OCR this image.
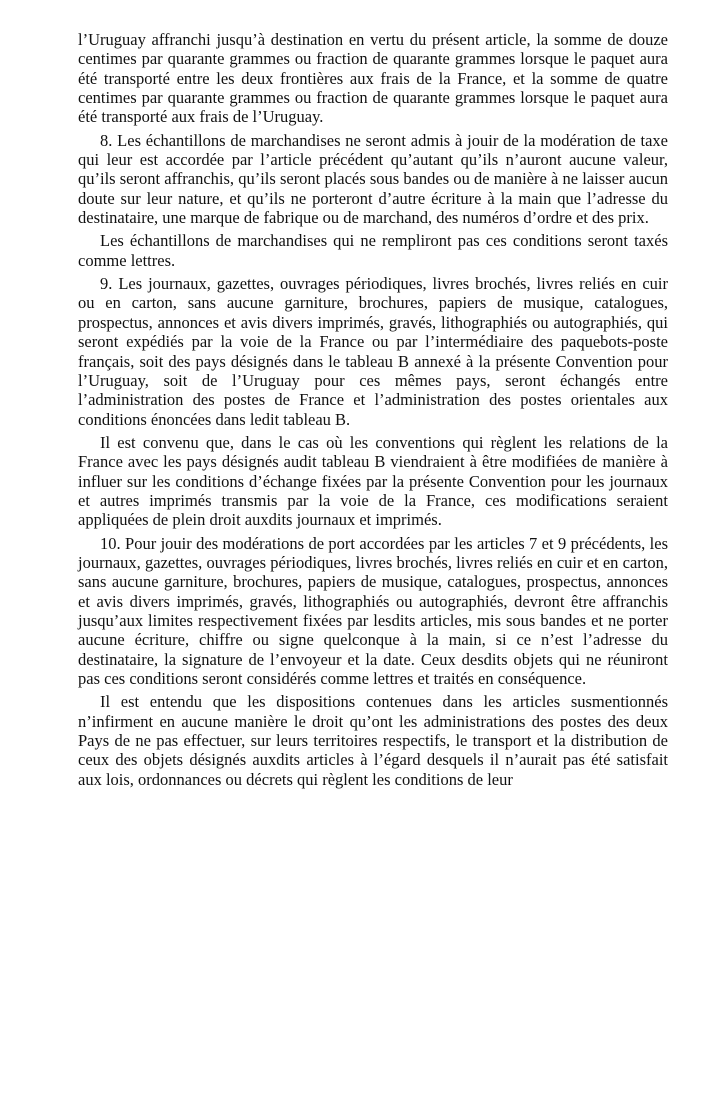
l’Uruguay affranchi jusqu’à destination en vertu du présent article, la somme de douze centimes par quarante grammes ou fraction de quarante grammes lorsque le paquet aura été transporté entre les deux frontières aux frais de la France, et la somme de quatre centimes par quarante grammes ou fraction de quarante grammes lorsque le paquet aura été transporté aux frais de l’Uruguay.

8. Les échantillons de marchandises ne seront admis à jouir de la modération de taxe qui leur est accordée par l’article précédent qu’autant qu’ils n’auront aucune valeur, qu’ils seront affranchis, qu’ils seront placés sous bandes ou de manière à ne laisser aucun doute sur leur nature, et qu’ils ne porteront d’autre écriture à la main que l’adresse du destinataire, une marque de fabrique ou de marchand, des numéros d’ordre et des prix.

Les échantillons de marchandises qui ne rempliront pas ces conditions seront taxés comme lettres.

9. Les journaux, gazettes, ouvrages périodiques, livres brochés, livres reliés en cuir ou en carton, sans aucune garniture, brochures, papiers de musique, catalogues, prospectus, annonces et avis divers imprimés, gravés, lithographiés ou autographiés, qui seront expédiés par la voie de la France ou par l’intermédiaire des paquebots-poste français, soit des pays désignés dans le tableau B annexé à la présente Convention pour l’Uruguay, soit de l’Uruguay pour ces mêmes pays, seront échangés entre l’administration des postes de France et l’administration des postes orientales aux conditions énoncées dans ledit tableau B.

Il est convenu que, dans le cas où les conventions qui règlent les relations de la France avec les pays désignés audit tableau B viendraient à être modifiées de manière à influer sur les conditions d’échange fixées par la présente Convention pour les journaux et autres imprimés transmis par la voie de la France, ces modifications seraient appliquées de plein droit auxdits journaux et imprimés.

10. Pour jouir des modérations de port accordées par les articles 7 et 9 précédents, les journaux, gazettes, ouvrages périodiques, livres brochés, livres reliés en cuir et en carton, sans aucune garniture, brochures, papiers de musique, catalogues, prospectus, annonces et avis divers imprimés, gravés, lithographiés ou autographiés, devront être affranchis jusqu’aux limites respectivement fixées par lesdits articles, mis sous bandes et ne porter aucune écriture, chiffre ou signe quelconque à la main, si ce n’est l’adresse du destinataire, la signature de l’envoyeur et la date. Ceux desdits objets qui ne réuniront pas ces conditions seront considérés comme lettres et traités en conséquence.

Il est entendu que les dispositions contenues dans les articles susmentionnés n’infirment en aucune manière le droit qu’ont les administrations des postes des deux Pays de ne pas effectuer, sur leurs territoires respectifs, le transport et la distribution de ceux des objets désignés auxdits articles à l’égard desquels il n’aurait pas été satisfait aux lois, ordonnances ou décrets qui règlent les conditions de leur
